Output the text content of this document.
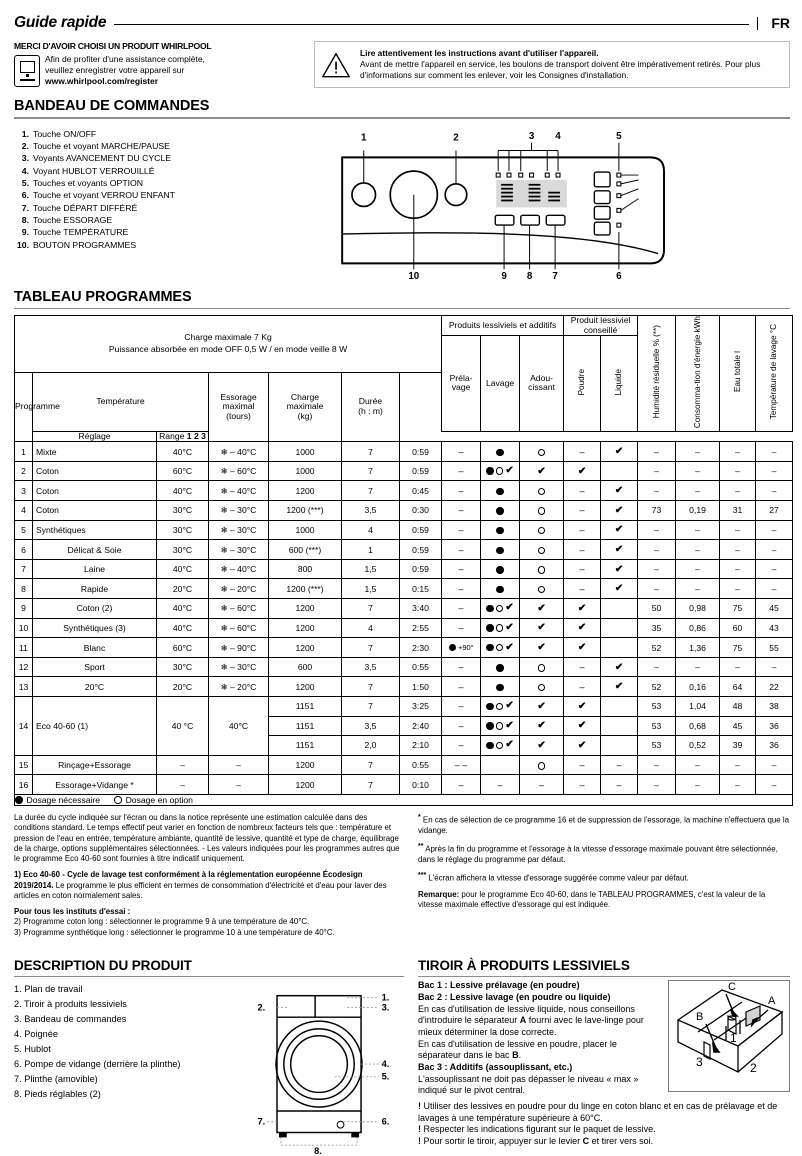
Guide rapide	FR
MERCI D'AVOIR CHOISI UN PRODUIT WHIRLPOOL
Afin de profiter d'une assistance complète,
veuillez enregistrer votre appareil sur
www.whirlpool.com/register
Lire attentivement les instructions avant d'utiliser l'appareil.
Avant de mettre l'appareil en service, les boulons de transport doivent être impérativement retirés. Pour plus d'informations sur comment les enlever, voir les Consignes d'installation.
BANDEAU DE COMMANDES
1. Touche ON/OFF
2. Touche et voyant MARCHE/PAUSE
3. Voyants AVANCEMENT DU CYCLE
4. Voyant HUBLOT VERROUILLÉ
5. Touches et voyants OPTION
6. Touche et voyant VERROU ENFANT
7. Touche DÉPART DIFFÉRÉ
8. Touche ESSORAGE
9. Touche TEMPÉRATURE
10. BOUTON PROGRAMMES
1	2	3 4	5
10	9 8 7	6
TABLEAU PROGRAMMES
Charge maximale 7 Kg
Puissance absorbée en mode OFF 0,5 W / en mode veille 8 W							Produits lessiviels et additifs			Produit lessiviel conseillé		Humidité résiduelle % (**)	Consomma-tion d'énergie kWh	Eau totale l	Température de lavage °C

Préla-
vage	Lavage	Adou-
cissant	Poudre	Liquide
Programme	Température	Essorage
maximal
(tours)

Charge
maximale
(kg)

Durée
(h : m)

	Réglage	Range 1 2 3													
1	Mixte	40°C	❄ – 40°C	1000	7	0:59	–			–	✔	–	–	–	–
2	Coton	60°C	❄ – 60°C	1000	7	0:59	–	✔	✔	✔		–	–	–	–
3	Coton	40°C	❄ – 40°C	1200	7	0:45	–			–	✔	–	–	–	–
4	Coton	30°C	❄ – 30°C	1200 (***)	3,5	0:30	–			–	✔	73	0,19	31	27
5	Synthétiques	30°C	❄ – 30°C	1000	4	0:59	–			–	✔	–	–	–	–
6	Délicat & Soie	30°C	❄ – 30°C	600 (***)	1	0:59	–			–	✔	–	–	–	–
7	Laine	40°C	❄ – 40°C	800	1,5	0:59	–			–	✔	–	–	–	–
8	Rapide	20°C	❄ – 20°C	1200 (***)	1,5	0:15	–			–	✔	–	–	–	–
9	Coton (2)	40°C	❄ – 60°C	1200	7	3:40	–	✔	✔	✔		50	0,98	75	45
10	Synthétiques (3)	40°C	❄ – 60°C	1200	4	2:55	–	✔	✔	✔		35	0,86	60	43
11	Blanc	60°C	❄ – 90°C	1200	7	2:30	+90°	✔	✔	✔		52	1,36	75	55
12	Sport	30°C	❄ – 30°C	600	3,5	0:55	–			–	✔	–	–	–	–
13	20°C	20°C	❄ – 20°C	1200	7	1:50	–			–	✔	52	0,16	64	22
14	Eco 40-60 (1)	40 °C	40°C	1151	7	3:25	–	✔	✔	✔		53	1,04	48	38
				1151	3,5	2:40	–	✔	✔	✔		53	0,68	45	36
				1151	2,0	2:10	–	✔	✔	✔		53	0,52	39	36
15	Rinçage+Essorage	–	–	1200	7	0:55	– –			–	–	–	–	–	–
16	Essorage+Vidange *	–	–	1200	7	0:10	–	–	–	–	–	–	–	–	–

Dosage nécessaire Dosage en option															

La durée du cycle indiquée sur l'écran ou dans la notice représente une estimation calculée dans des conditions standard. Le temps effectif peut varier en fonction de nombreux facteurs tels que : température et pression de l'eau en entrée, température ambiante, quantité de lessive, quantité et type de charge, équilibrage de la charge, options supplémentaires sélectionnées. - Les valeurs indiquées pour les programmes autres que le programme Eco 40-60 sont fournies à titre indicatif uniquement.

1) Eco 40-60 - Cycle de lavage test conformément à la réglementation européenne Écodesign 2019/2014. Le programme le plus efficient en termes de consommation d'électricité et d'eau pour laver des articles en coton normalement sales.

Pour tous les instituts d'essai :
2) Programme coton long : sélectionner le programme 9 à une température de 40°C.
3) Programme synthétique long : sélectionner le programme 10 à une température de 40°C.

* En cas de sélection de ce programme 16 et de suppression de l'essorage, la machine n'effectuera que la vidange.

** Après la fin du programme et l'essorage à la vitesse d'essorage maximale pouvant être sélectionnée, dans le réglage du programme par défaut.

*** L'écran affichera la vitesse d'essorage suggérée comme valeur par défaut.

Remarque: pour le programme Eco 40-60, dans le TABLEAU PROGRAMMES, c'est la valeur de la vitesse maximale effective d'essorage qui est indiquée.

DESCRIPTION DU PRODUIT
1. Plan de travail
2. Tiroir à produits lessiviels
3. Bandeau de commandes
4. Poignée
5. Hublot
6. Pompe de vidange (derrière la plinthe)
7. Plinthe (amovible)
8. Pieds réglables (2)
1.
2.	3.
4.
5.
6.
7.
8.
TIROIR À PRODUITS LESSIVIELS
Bac 1 : Lessive prélavage (en poudre)
Bac 2 : Lessive lavage (en poudre ou liquide)
En cas d'utilisation de lessive liquide, nous conseillons d'introduire le séparateur A fourni avec le lave-linge pour mieux déterminer la dose correcte.
En cas d'utilisation de lessive en poudre, placer le séparateur dans le bac B.
Bac 3 : Additifs (assouplissant, etc.)
L'assouplissant ne doit pas dépasser le niveau « max » indiqué sur le pivot central.
A
B
C
1
2
3
! Utiliser des lessives en poudre pour du linge en coton blanc et en cas de prélavage et de lavages à une température supérieure à 60°C.
! Respecter les indications figurant sur le paquet de lessive.
! Pour sortir le tiroir, appuyer sur le levier C et tirer vers soi.
